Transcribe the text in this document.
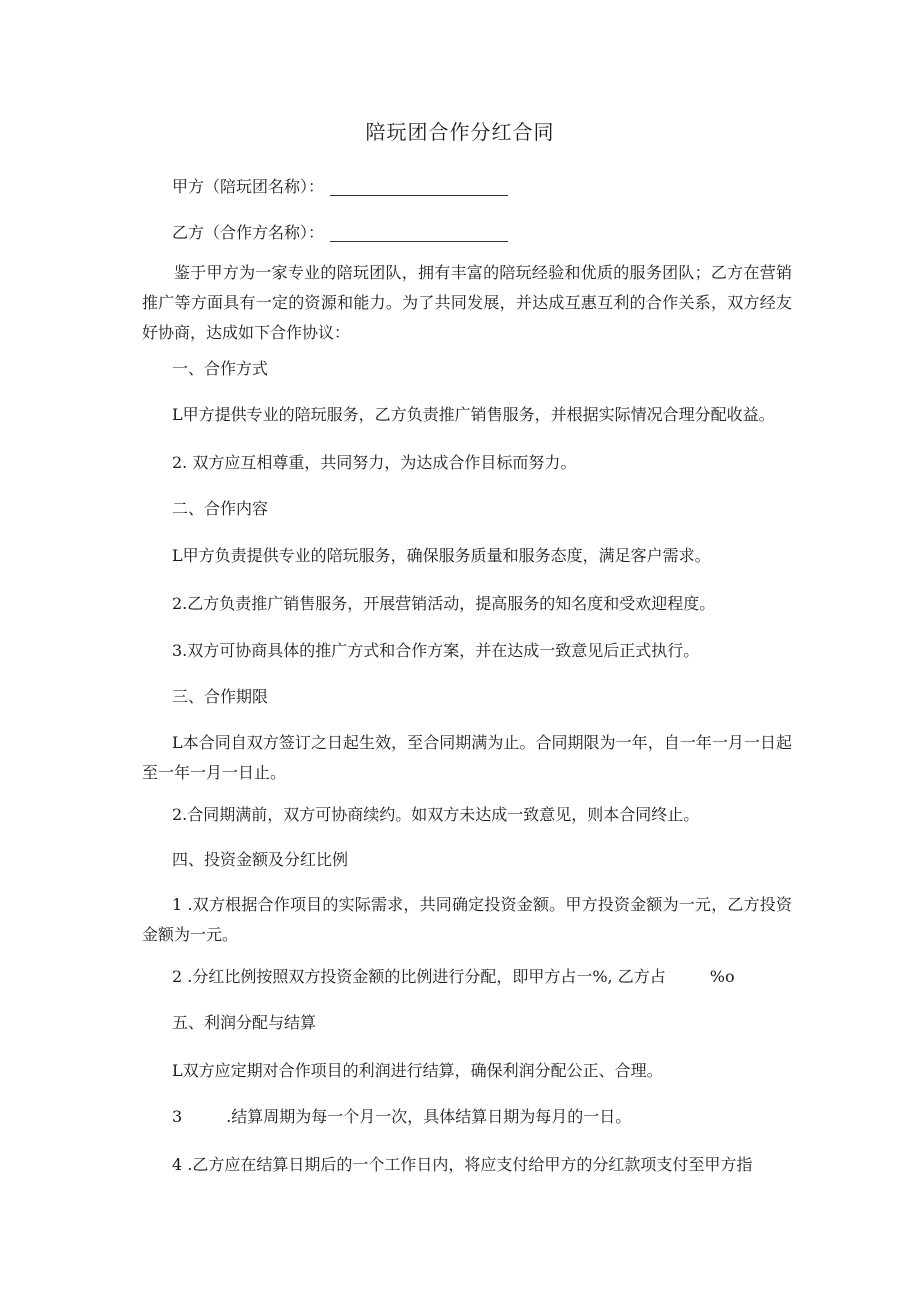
陪玩团合作分红合同
甲方（陪玩团名称）：
乙方（合作方名称）：
鉴于甲方为一家专业的陪玩团队，拥有丰富的陪玩经验和优质的服务团队；乙方在营销推广等方面具有一定的资源和能力。为了共同发展，并达成互惠互利的合作关系，双方经友好协商，达成如下合作协议：
一、合作方式
L甲方提供专业的陪玩服务，乙方负责推广销售服务，并根据实际情况合理分配收益。
2. 双方应互相尊重，共同努力，为达成合作目标而努力。
二、合作内容
L甲方负责提供专业的陪玩服务，确保服务质量和服务态度，满足客户需求。
2.乙方负责推广销售服务，开展营销活动，提高服务的知名度和受欢迎程度。
3.双方可协商具体的推广方式和合作方案，并在达成一致意见后正式执行。
三、合作期限
L本合同自双方签订之日起生效，至合同期满为止。合同期限为一年，自一年一月一日起至一年一月一日止。
2.合同期满前，双方可协商续约。如双方未达成一致意见，则本合同终止。
四、投资金额及分红比例
1 .双方根据合作项目的实际需求，共同确定投资金额。甲方投资金额为一元，乙方投资金额为一元。
2 .分红比例按照双方投资金额的比例进行分配，即甲方占一%, 乙方占	%o
五、利润分配与结算
L双方应定期对合作项目的利润进行结算，确保利润分配公正、合理。
3	.结算周期为每一个月一次，具体结算日期为每月的一日。
4 .乙方应在结算日期后的一个工作日内，将应支付给甲方的分红款项支付至甲方指
